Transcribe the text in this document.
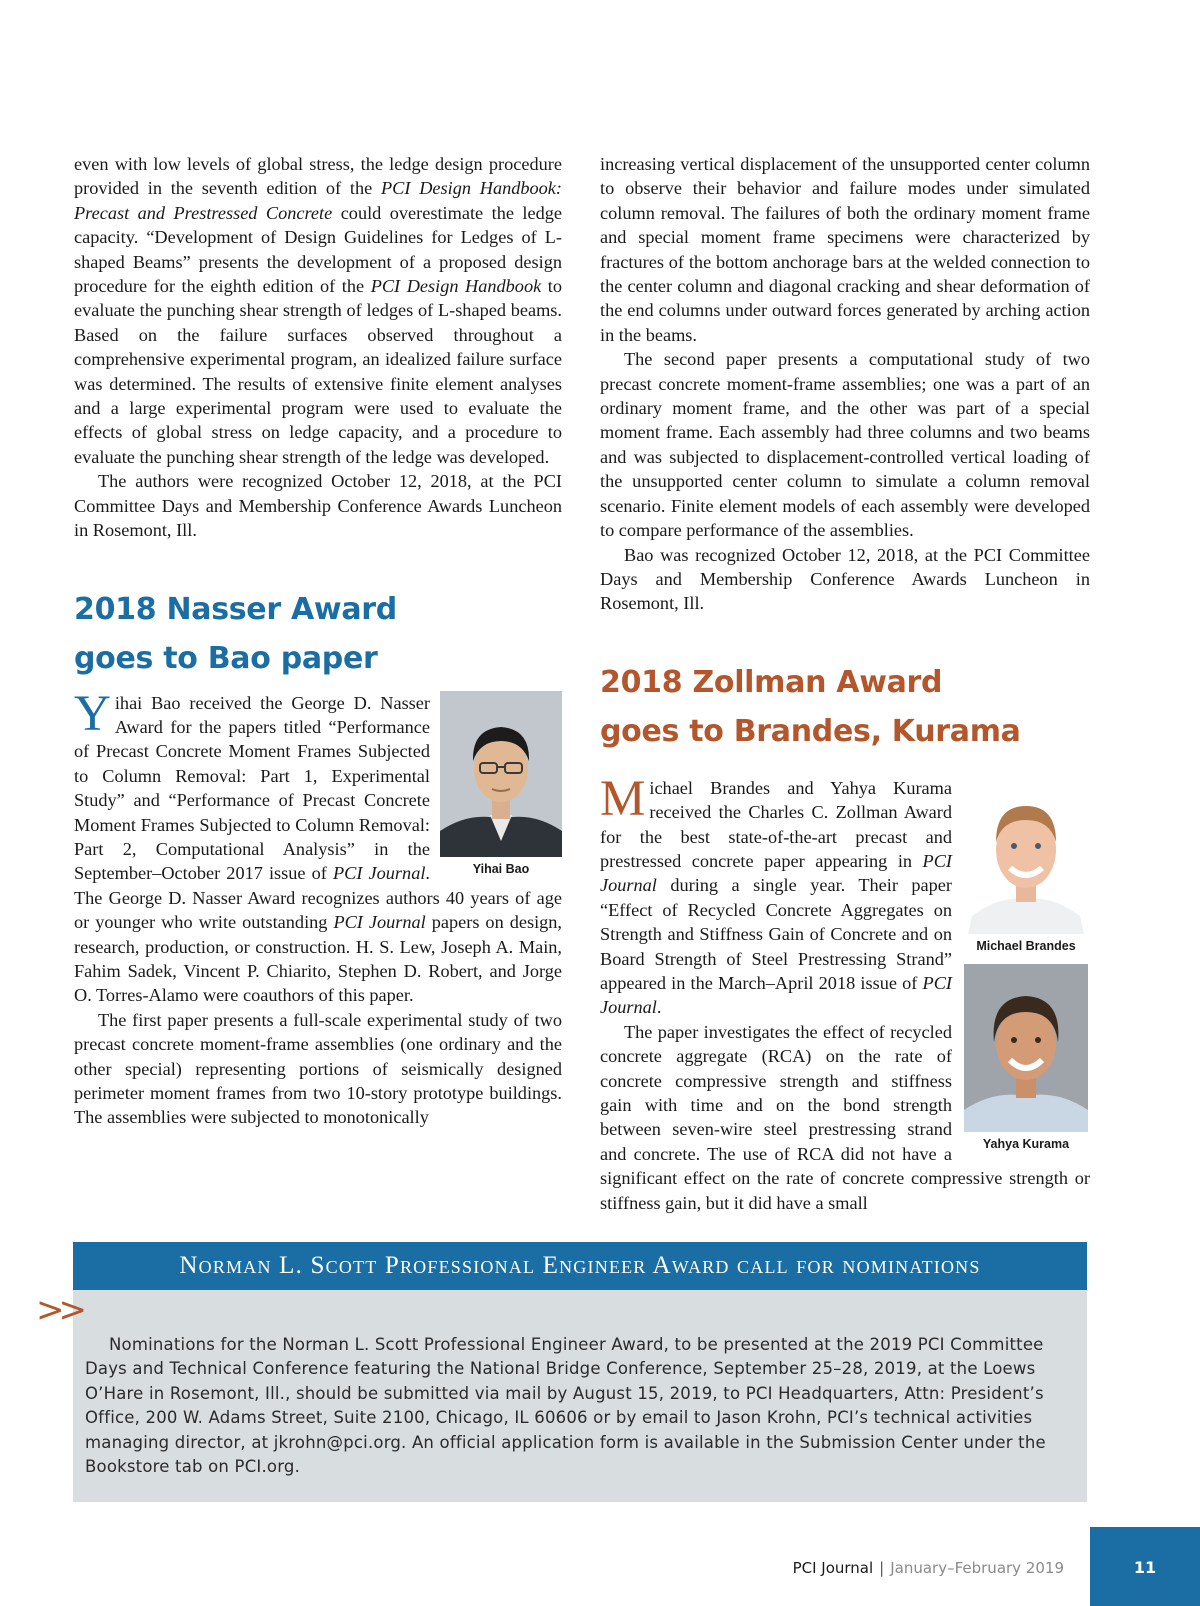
even with low levels of global stress, the ledge design procedure provided in the seventh edition of the PCI Design Handbook: Precast and Prestressed Concrete could overestimate the ledge capacity. “Development of Design Guidelines for Ledges of L-shaped Beams” presents the development of a proposed design procedure for the eighth edition of the PCI Design Handbook to evaluate the punching shear strength of ledges of L-shaped beams. Based on the failure surfaces observed throughout a comprehensive experimental program, an idealized failure surface was determined. The results of extensive finite element analyses and a large experimental program were used to evaluate the effects of global stress on ledge capacity, and a procedure to evaluate the punching shear strength of the ledge was developed.

The authors were recognized October 12, 2018, at the PCI Committee Days and Membership Conference Awards Luncheon in Rosemont, Ill.

2018 Nasser Award
goes to Bao paper
Yihai Bao

Yihai Bao received the George D. Nasser Award for the papers titled “Performance of Precast Concrete Moment Frames Subjected to Column Removal: Part 1, Experimental Study” and “Performance of Precast Concrete Moment Frames Subjected to Column Removal: Part 2, Computational Analysis” in the September–October 2017 issue of PCI Journal. The George D. Nasser Award recognizes authors 40 years of age or younger who write outstanding PCI Journal papers on design, research, production, or construction. H. S. Lew, Joseph A. Main, Fahim Sadek, Vincent P. Chiarito, Stephen D. Robert, and Jorge O. Torres-Alamo were coauthors of this paper.

The first paper presents a full-scale experimental study of two precast concrete moment-frame assemblies (one ordinary and the other special) representing portions of seismically designed perimeter moment frames from two 10-story prototype buildings. The assemblies were subjected to monotonically

increasing vertical displacement of the unsupported center column to observe their behavior and failure modes under simulated column removal. The failures of both the ordinary moment frame and special moment frame specimens were characterized by fractures of the bottom anchorage bars at the welded connection to the center column and diagonal cracking and shear deformation of the end columns under outward forces generated by arching action in the beams.

The second paper presents a computational study of two precast concrete moment-frame assemblies; one was a part of an ordinary moment frame, and the other was part of a special moment frame. Each assembly had three columns and two beams and was subjected to displacement-controlled vertical loading of the unsupported center column to simulate a column removal scenario. Finite element models of each assembly were developed to compare performance of the assemblies.

Bao was recognized October 12, 2018, at the PCI Committee Days and Membership Conference Awards Luncheon in Rosemont, Ill.

2018 Zollman Award
goes to Brandes, Kurama
Michael Brandes
Yahya Kurama

Michael Brandes and Yahya Kurama received the Charles C. Zollman Award for the best state-of-the-art precast and prestressed concrete paper appearing in PCI Journal during a single year. Their paper “Effect of Recycled Concrete Aggregates on Strength and Stiffness Gain of Concrete and on Board Strength of Steel Prestressing Strand” appeared in the March–April 2018 issue of PCI Journal.

The paper investigates the effect of recycled concrete aggregate (RCA) on the rate of concrete compressive strength and stiffness gain with time and on the bond strength between seven-wire steel prestressing strand and concrete. The use of RCA did not have a significant effect on the rate of concrete compressive strength or stiffness gain, but it did have a small

Norman L. Scott Professional Engineer Award call for nominations

Nominations for the Norman L. Scott Professional Engineer Award, to be presented at the 2019 PCI Committee Days and Technical Conference featuring the National Bridge Conference, September 25–28, 2019, at the Loews O’Hare in Rosemont, Ill., should be submitted via mail by August 15, 2019, to PCI Headquarters, Attn: President’s Office, 200 W. Adams Street, Suite 2100, Chicago, IL 60606 or by email to Jason Krohn, PCI’s technical activities managing director, at jkrohn@pci.org. An official application form is available in the Submission Center under the Bookstore tab on PCI.org.

>>
PCI Journal | January–February 2019	11
